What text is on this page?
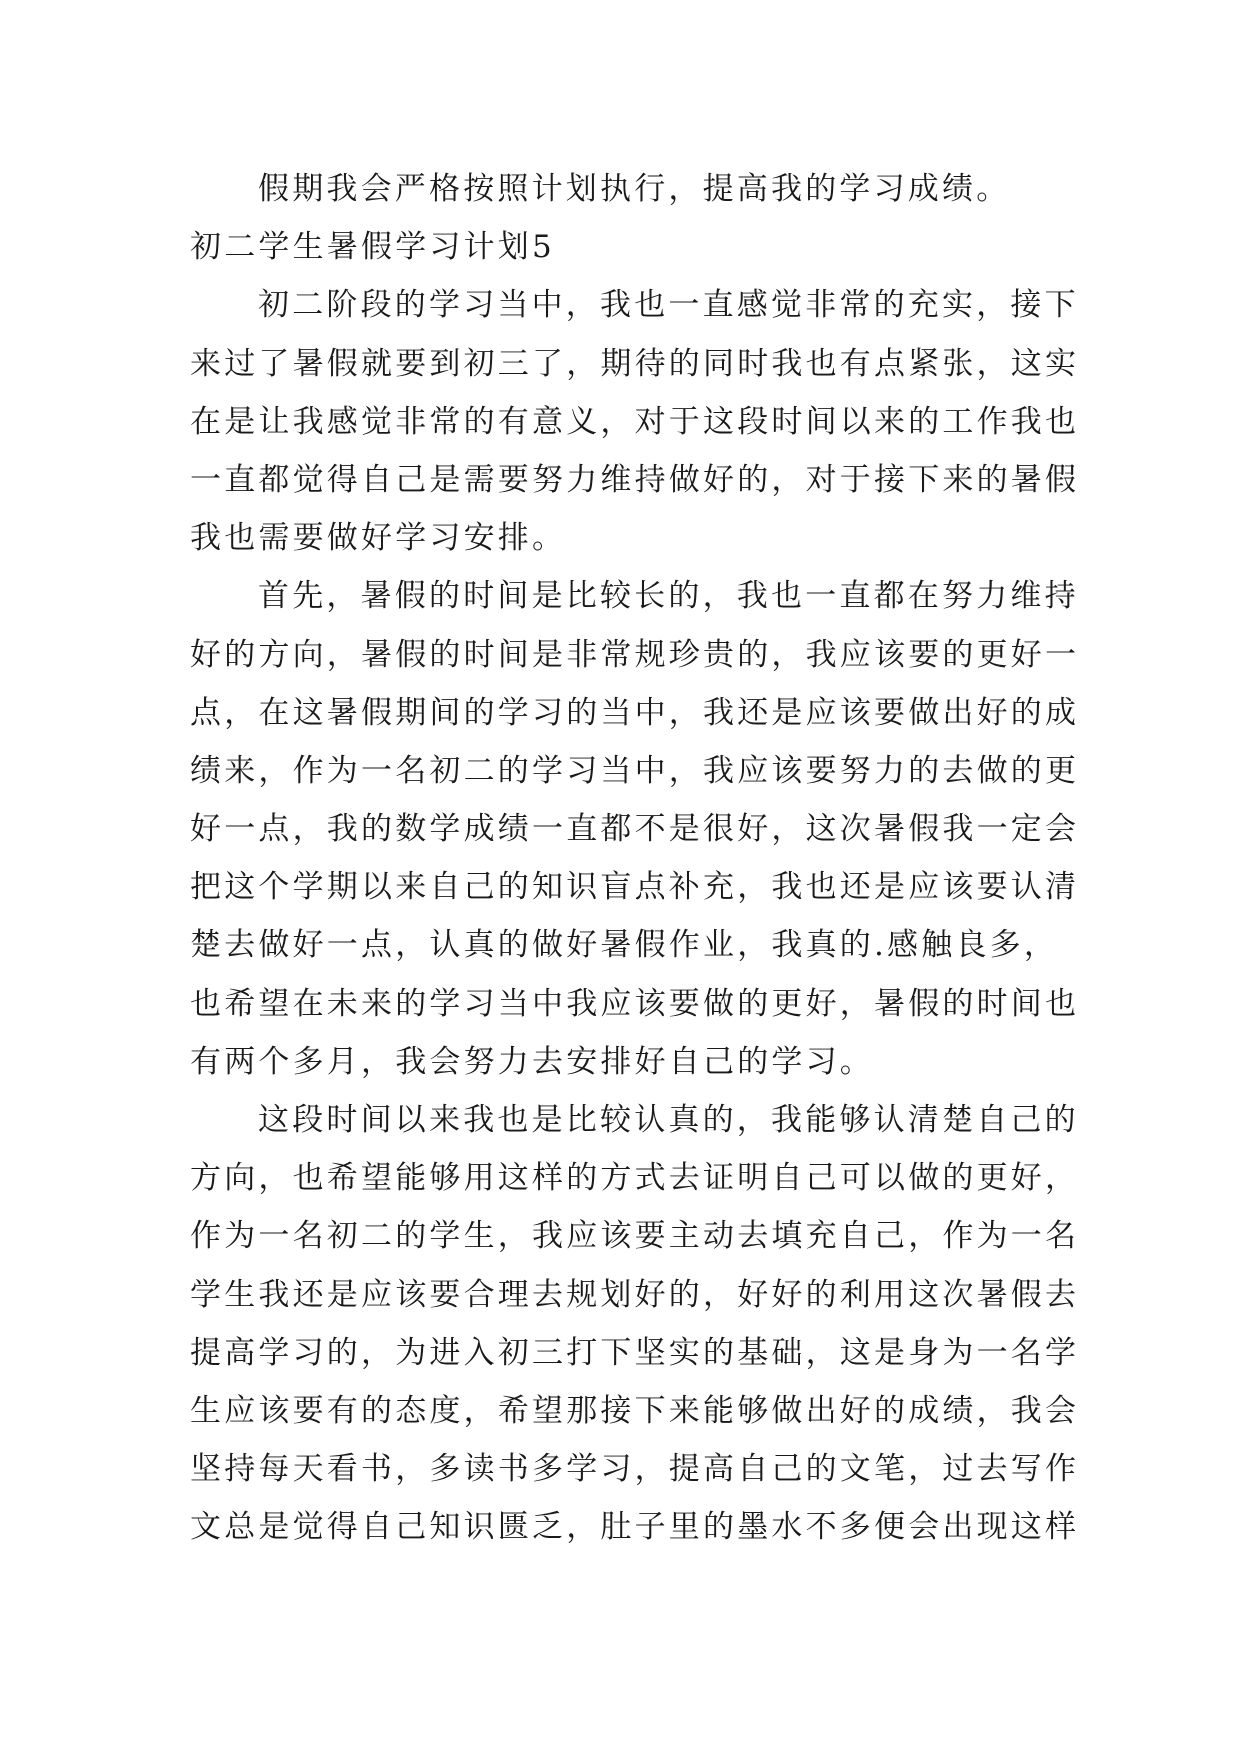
假期我会严格按照计划执行，提高我的学习成绩。
初二学生暑假学习计划5
初二阶段的学习当中，我也一直感觉非常的充实，接下
来过了暑假就要到初三了，期待的同时我也有点紧张，这实
在是让我感觉非常的有意义，对于这段时间以来的工作我也
一直都觉得自己是需要努力维持做好的，对于接下来的暑假
我也需要做好学习安排。
首先，暑假的时间是比较长的，我也一直都在努力维持
好的方向，暑假的时间是非常规珍贵的，我应该要的更好一
点，在这暑假期间的学习的当中，我还是应该要做出好的成
绩来，作为一名初二的学习当中，我应该要努力的去做的更
好一点，我的数学成绩一直都不是很好，这次暑假我一定会
把这个学期以来自己的知识盲点补充，我也还是应该要认清
楚去做好一点，认真的做好暑假作业，我真的.感触良多，
也希望在未来的学习当中我应该要做的更好，暑假的时间也
有两个多月，我会努力去安排好自己的学习。
这段时间以来我也是比较认真的，我能够认清楚自己的
方向，也希望能够用这样的方式去证明自己可以做的更好，
作为一名初二的学生，我应该要主动去填充自己，作为一名
学生我还是应该要合理去规划好的，好好的利用这次暑假去
提高学习的，为进入初三打下坚实的基础，这是身为一名学
生应该要有的态度，希望那接下来能够做出好的成绩，我会
坚持每天看书，多读书多学习，提高自己的文笔，过去写作
文总是觉得自己知识匮乏，肚子里的墨水不多便会出现这样
